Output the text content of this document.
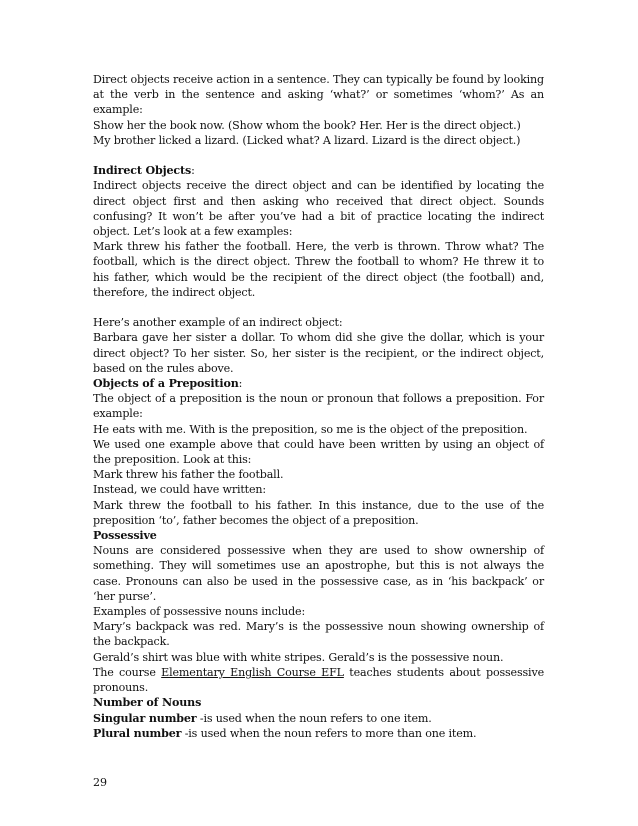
Direct objects receive action in a sentence. They can typically be found by looking at the verb in the sentence and asking ‘what?’ or sometimes ‘whom?’ As an example:

Show her the book now. (Show whom the book? Her. Her is the direct object.)

My brother licked a lizard. (Licked what? A lizard. Lizard is the direct object.)

Indirect Objects:

Indirect objects receive the direct object and can be identified by locating the direct object first and then asking who received that direct object. Sounds confusing? It won’t be after you’ve had a bit of practice locating the indirect object. Let’s look at a few examples:

Mark threw his father the football. Here, the verb is thrown. Throw what? The football, which is the direct object. Threw the football to whom? He threw it to his father, which would be the recipient of the direct object (the football) and, therefore, the indirect object.

Here’s another example of an indirect object:

Barbara gave her sister a dollar. To whom did she give the dollar, which is your direct object? To her sister. So, her sister is the recipient, or the indirect object, based on the rules above.

Objects of a Preposition:

The object of a preposition is the noun or pronoun that follows a preposition. For example:

He eats with me. With is the preposition, so me is the object of the preposition.

We used one example above that could have been written by using an object of the preposition. Look at this:

Mark threw his father the football.

Instead, we could have written:

Mark threw the football to his father. In this instance, due to the use of the preposition ‘to’, father becomes the object of a preposition.

Possessive

Nouns are considered possessive when they are used to show ownership of something. They will sometimes use an apostrophe, but this is not always the case. Pronouns can also be used in the possessive case, as in ‘his backpack’ or ‘her purse’.

Examples of possessive nouns include:

Mary’s backpack was red. Mary’s is the possessive noun showing ownership of the backpack.

Gerald’s shirt was blue with white stripes. Gerald’s is the possessive noun.

The course Elementary English Course EFL teaches students about possessive pronouns.

Number of Nouns

Singular number -is used when the noun refers to one item.

Plural number -is used when the noun refers to more than one item.

29
